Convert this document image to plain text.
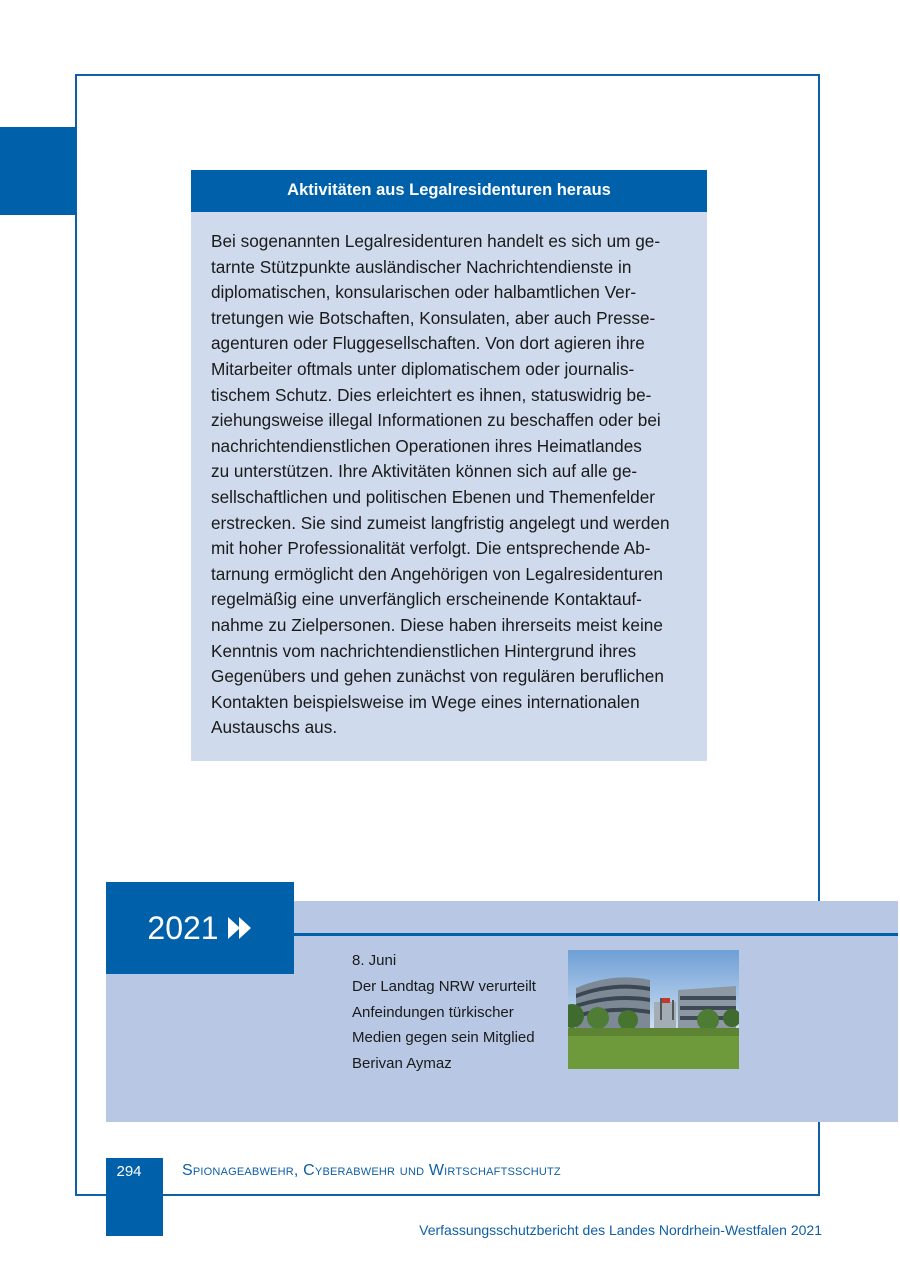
Aktivitäten aus Legalresidenturen heraus
Bei sogenannten Legalresidenturen handelt es sich um ge-
tarnte Stützpunkte ausländischer Nachrichtendienste in
diplomatischen, konsularischen oder halbamtlichen Ver-
tretungen wie Botschaften, Konsulaten, aber auch Presse-
agenturen oder Fluggesellschaften. Von dort agieren ihre
Mitarbeiter oftmals unter diplomatischem oder journalis-
tischem Schutz. Dies erleichtert es ihnen, statuswidrig be-
ziehungsweise illegal Informationen zu beschaffen oder bei
nachrichtendienstlichen Operationen ihres Heimatlandes
zu unterstützen. Ihre Aktivitäten können sich auf alle ge-
sellschaftlichen und politischen Ebenen und Themenfelder
erstrecken. Sie sind zumeist langfristig angelegt und werden
mit hoher Professionalität verfolgt. Die entsprechende Ab-
tarnung ermöglicht den Angehörigen von Legalresidenturen
regelmäßig eine unverfänglich erscheinende Kontaktauf-
nahme zu Zielpersonen. Diese haben ihrerseits meist keine
Kenntnis vom nachrichtendienstlichen Hintergrund ihres
Gegenübers und gehen zunächst von regulären beruflichen
Kontakten beispielsweise im Wege eines internationalen
Austauschs aus.
2021
8. Juni
Der Landtag NRW verurteilt
Anfeindungen türkischer
Medien gegen sein Mitglied
Berivan Aymaz
294	Spionageabwehr, Cyberabwehr und Wirtschaftsschutz
Verfassungsschutzbericht des Landes Nordrhein-Westfalen 2021
